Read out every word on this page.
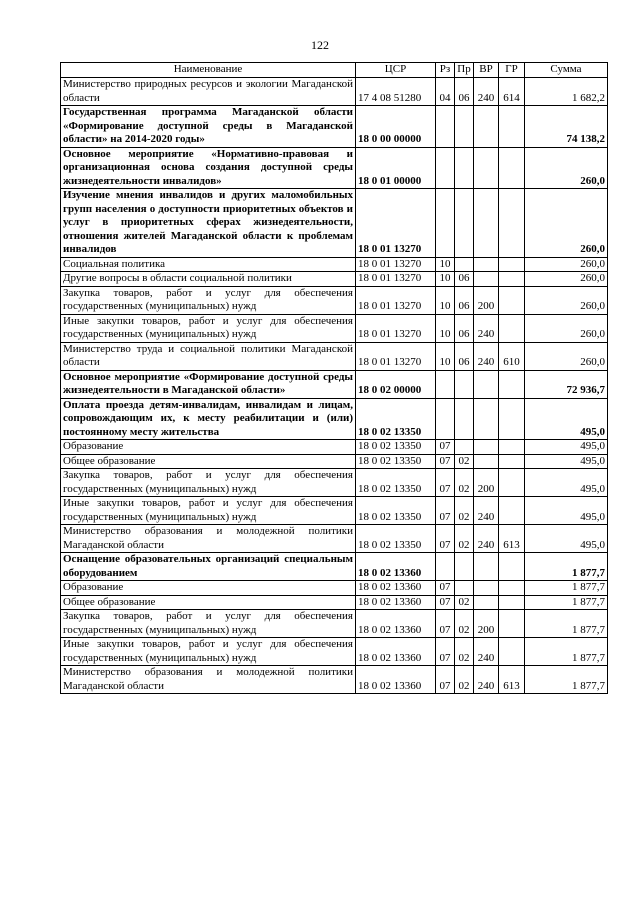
122
Наименование	ЦСР	Рз	Пр	ВР	ГР	Сумма
Министерство природных ресурсов и экологии Магаданской области	17 4 08 51280	04	06	240	614	1 682,2
Государственная программа Магаданской области «Формирование доступной среды в Магаданской области» на 2014-2020 годы»	18 0 00 00000					74 138,2
Основное мероприятие «Нормативно-правовая и организационная основа создания доступной среды жизнедеятельности инвалидов»	18 0 01 00000					260,0
Изучение мнения инвалидов и других маломобильных групп населения о доступности приоритетных объектов и услуг в приоритетных сферах жизнедеятельности, отношения жителей Магаданской области к проблемам инвалидов	18 0 01 13270					260,0
Социальная политика	18 0 01 13270	10				260,0
Другие вопросы в области социальной политики	18 0 01 13270	10	06			260,0
Закупка товаров, работ и услуг для обеспечения государственных (муниципальных) нужд	18 0 01 13270	10	06	200		260,0
Иные закупки товаров, работ и услуг для обеспечения государственных (муниципальных) нужд	18 0 01 13270	10	06	240		260,0
Министерство труда и социальной политики Магаданской области	18 0 01 13270	10	06	240	610	260,0
Основное мероприятие «Формирование доступной среды жизнедеятельности в Магаданской области»	18 0 02 00000					72 936,7
Оплата проезда детям-инвалидам, инвалидам и лицам, сопровождающим их, к месту реабилитации и (или) постоянному месту жительства	18 0 02 13350					495,0
Образование	18 0 02 13350	07				495,0
Общее образование	18 0 02 13350	07	02			495,0
Закупка товаров, работ и услуг для обеспечения государственных (муниципальных) нужд	18 0 02 13350	07	02	200		495,0
Иные закупки товаров, работ и услуг для обеспечения государственных (муниципальных) нужд	18 0 02 13350	07	02	240		495,0
Министерство образования и молодежной политики Магаданской области	18 0 02 13350	07	02	240	613	495,0
Оснащение образовательных организаций специальным оборудованием	18 0 02 13360					1 877,7
Образование	18 0 02 13360	07				1 877,7
Общее образование	18 0 02 13360	07	02			1 877,7
Закупка товаров, работ и услуг для обеспечения государственных (муниципальных) нужд	18 0 02 13360	07	02	200		1 877,7
Иные закупки товаров, работ и услуг для обеспечения государственных (муниципальных) нужд	18 0 02 13360	07	02	240		1 877,7
Министерство образования и молодежной политики Магаданской области	18 0 02 13360	07	02	240	613	1 877,7
